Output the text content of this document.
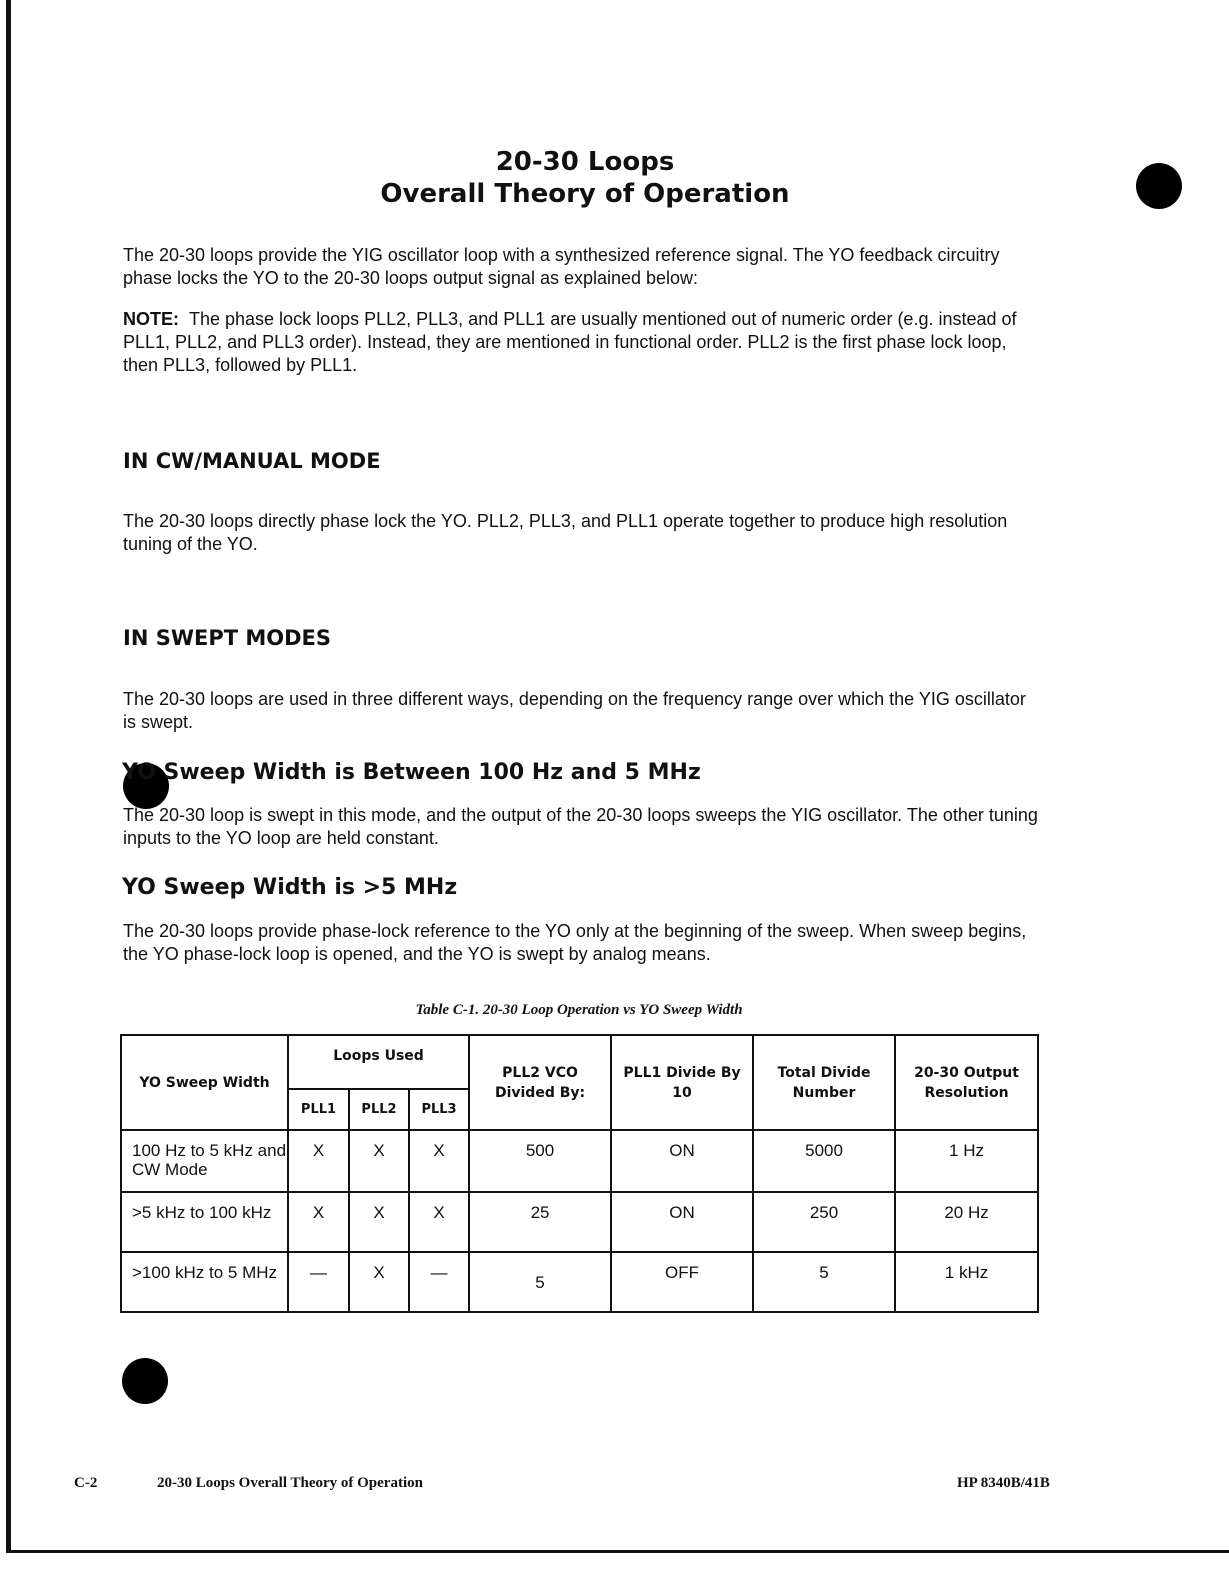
20-30 Loops
Overall Theory of Operation

The 20-30 loops provide the YIG oscillator loop with a synthesized reference signal. The YO feedback circuitry phase locks the YO to the 20-30 loops output signal as explained below:

NOTE: The phase lock loops PLL2, PLL3, and PLL1 are usually mentioned out of numeric order (e.g. instead of PLL1, PLL2, and PLL3 order). Instead, they are mentioned in functional order. PLL2 is the first phase lock loop, then PLL3, followed by PLL1.

IN CW/MANUAL MODE

The 20-30 loops directly phase lock the YO. PLL2, PLL3, and PLL1 operate together to produce high resolution tuning of the YO.

IN SWEPT MODES

The 20-30 loops are used in three different ways, depending on the frequency range over which the YIG oscillator is swept.

YO Sweep Width is Between 100 Hz and 5 MHz

The 20-30 loop is swept in this mode, and the output of the 20-30 loops sweeps the YIG oscillator. The other tuning inputs to the YO loop are held constant.

YO Sweep Width is >5 MHz

The 20-30 loops provide phase-lock reference to the YO only at the beginning of the sweep. When sweep begins, the YO phase-lock loop is opened, and the YO is swept by analog means.

Table C-1. 20-30 Loop Operation vs YO Sweep Width
YO Sweep Width	Loops Used			PLL2 VCO Divided By:	PLL1 Divide By 10	Total Divide Number	20-30 Output Resolution
	PLL1	PLL2	PLL3				
100 Hz to 5 kHz and CW Mode	X	X	X	500	ON	5000	1 Hz
>5 kHz to 100 kHz	X	X	X	25	ON	250	20 Hz
>100 kHz to 5 MHz	—	X	—	5	OFF	5	1 kHz
C-2	20-30 Loops Overall Theory of Operation	HP 8340B/41B
